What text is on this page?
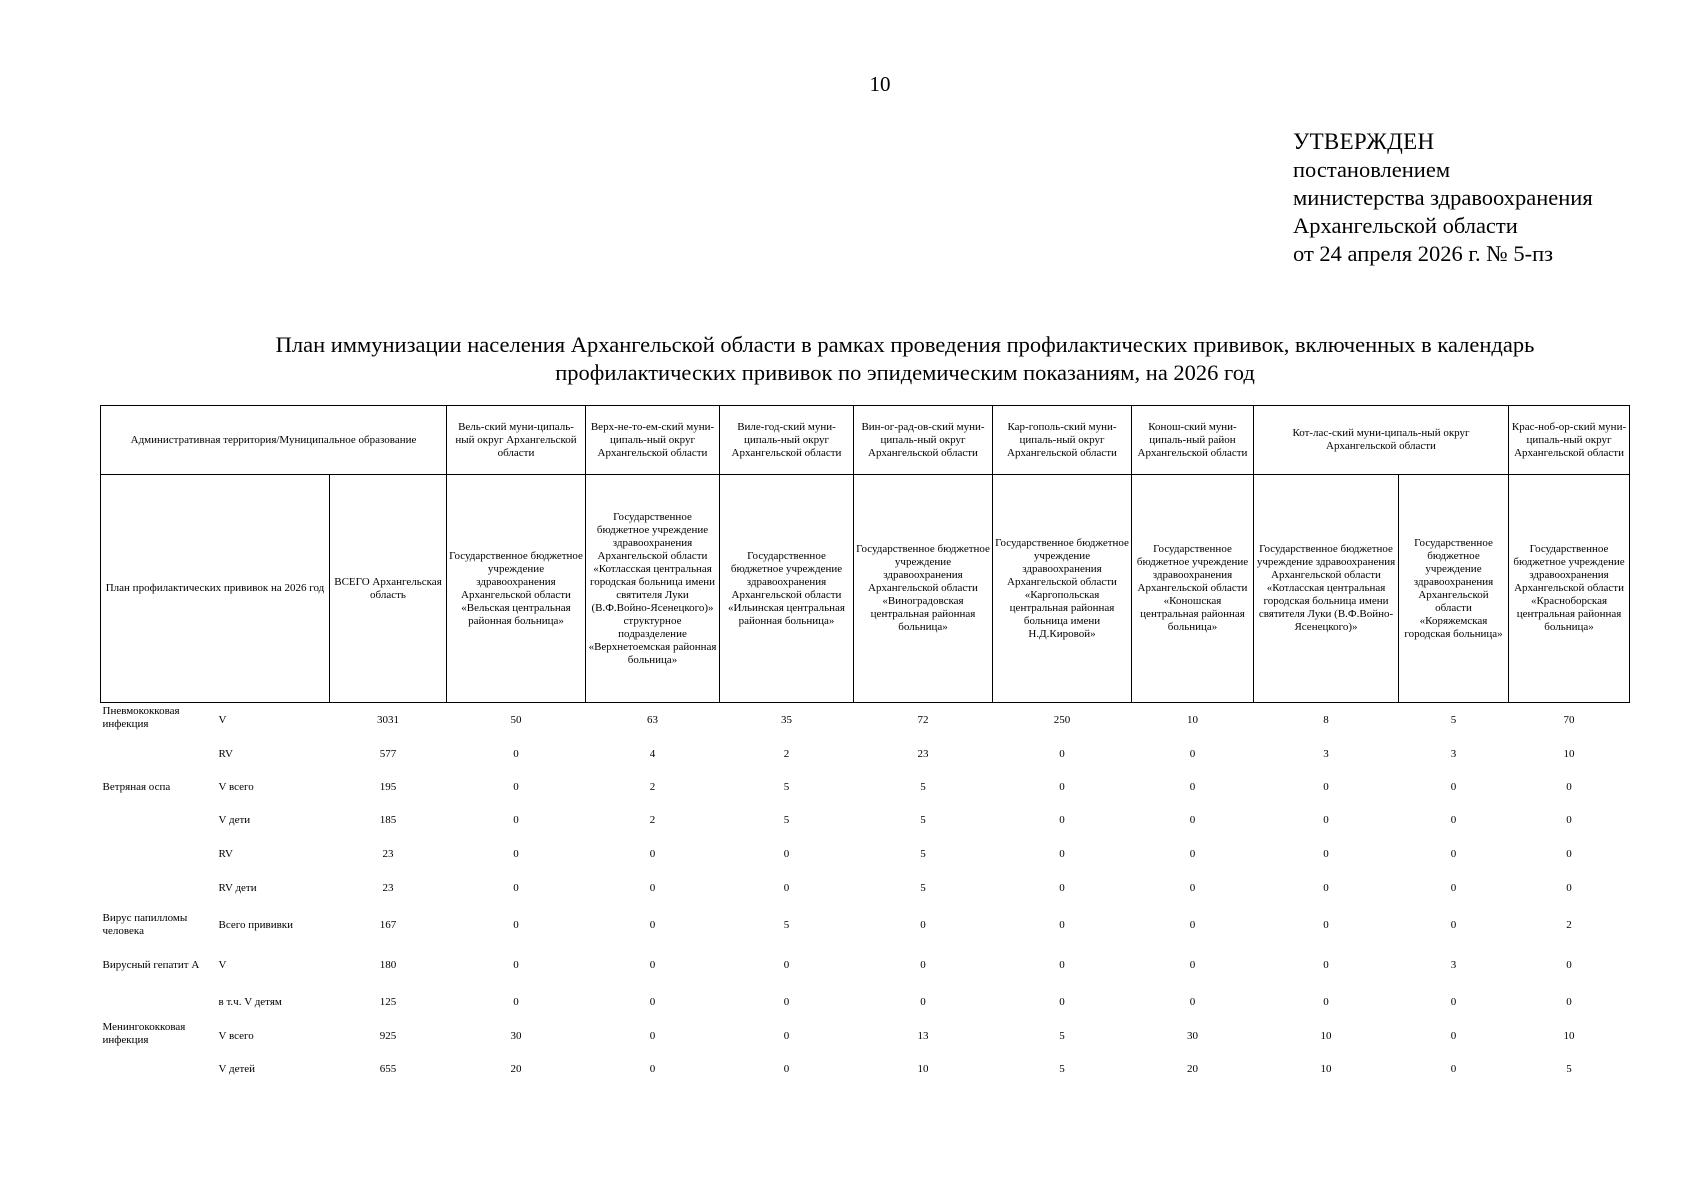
10
УТВЕРЖДЕН
постановлением
министерства здравоохранения
Архангельской области
от 24 апреля 2026 г. № 5-пз
План иммунизации населения Архангельской области в рамках проведения профилактических прививок, включенных в календарь
профилактических прививок по эпидемическим показаниям, на 2026 год
Административная территория/Муниципальное образование			Вель-ский муни-ципаль-ный округ Архангельской области	Верх-не-то-ем-ский муни-ципаль-ный округ Архангельской области	Виле-год-ский муни-ципаль-ный округ Архангельской области	Вин-ог-рад-ов-ский муни-ципаль-ный округ Архангельской области	Кар-гополь-ский муни-ципаль-ный округ Архангельской области	Конош-ский муни-ципаль-ный район Архангельской области	Кот-лас-ский муни-ципаль-ный округ Архангельской области		Крас-ноб-ор-ский муни-ципаль-ный округ Архангельской области
План профилактических прививок на 2026 год		ВСЕГО Архангельская область	Государственное бюджетное учреждение здравоохранения Архангельской области «Вельская центральная районная больница»	Государственное бюджетное учреждение здравоохранения Архангельской области «Котласская центральная городская больница имени святителя Луки (В.Ф.Войно-Ясенецкого)» структурное подразделение «Верхнетоемская районная больница»	Государственное бюджетное учреждение здравоохранения Архангельской области «Ильинская центральная районная больница»	Государственное бюджетное учреждение здравоохранения Архангельской области «Виноградовская центральная районная больница»	Государственное бюджетное учреждение здравоохранения Архангельской области «Каргопольская центральная районная больница имени Н.Д.Кировой»	Государственное бюджетное учреждение здравоохранения Архангельской области «Коношская центральная районная больница»	Государственное бюджетное учреждение здравоохранения Архангельской области «Котласская центральная городская больница имени святителя Луки (В.Ф.Войно-Ясенецкого)»	Государственное бюджетное учреждение здравоохранения Архангельской области «Коряжемская городская больница»	Государственное бюджетное учреждение здравоохранения Архангельской области «Красноборская центральная районная больница»
Пневмококковая инфекция	V	3031	50	63	35	72	250	10	8	5	70
	RV	577	0	4	2	23	0	0	3	3	10
Ветряная оспа	V всего	195	0	2	5	5	0	0	0	0	0
	V дети	185	0	2	5	5	0	0	0	0	0
	RV	23	0	0	0	5	0	0	0	0	0
	RV дети	23	0	0	0	5	0	0	0	0	0
Вирус папилломы человека	Всего прививки	167	0	0	5	0	0	0	0	0	2
Вирусный гепатит А	V	180	0	0	0	0	0	0	0	3	0
	в т.ч. V детям	125	0	0	0	0	0	0	0	0	0
Менингококковая инфекция	V всего	925	30	0	0	13	5	30	10	0	10
	V детей	655	20	0	0	10	5	20	10	0	5
